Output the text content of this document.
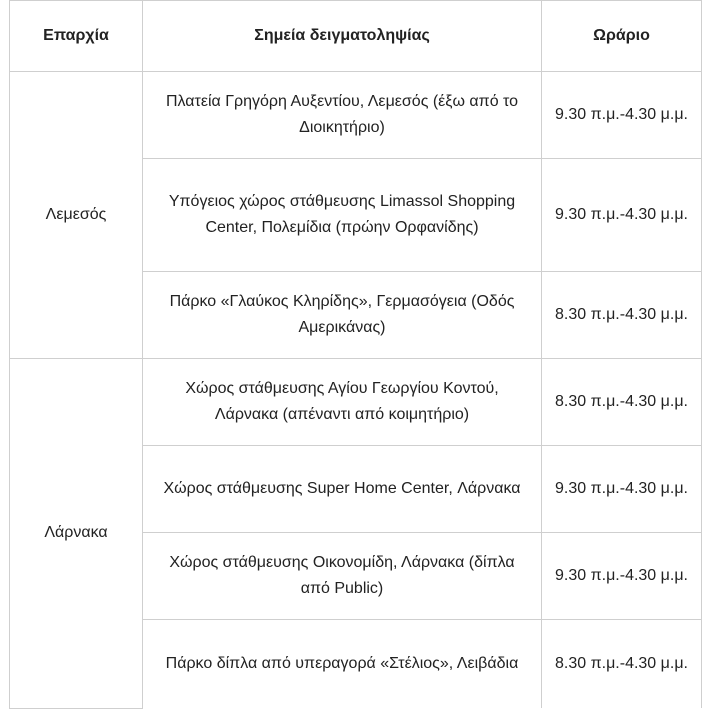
Επαρχία	Σημεία δειγματοληψίας	Ωράριο
Λεμεσός	Πλατεία Γρηγόρη Αυξεντίου, Λεμεσός (έξω από το Διοικητήριο)	9.30 π.μ.-4.30 μ.μ.
	Υπόγειος χώρος στάθμευσης Limassol Shopping Center, Πολεμίδια (πρώην Ορφανίδης)	9.30 π.μ.-4.30 μ.μ.
	Πάρκο «Γλαύκος Κληρίδης», Γερμασόγεια (Οδός Αμερικάνας)	8.30 π.μ.-4.30 μ.μ.
Λάρνακα	Χώρος στάθμευσης Αγίου Γεωργίου Κοντού, Λάρνακα (απέναντι από κοιμητήριο)	8.30 π.μ.-4.30 μ.μ.
	Χώρος στάθμευσης Super Home Center, Λάρνακα	9.30 π.μ.-4.30 μ.μ.
	Χώρος στάθμευσης Οικονομίδη, Λάρνακα (δίπλα από Public)	9.30 π.μ.-4.30 μ.μ.
	Πάρκο δίπλα από υπεραγορά «Στέλιος», Λειβάδια	8.30 π.μ.-4.30 μ.μ.
